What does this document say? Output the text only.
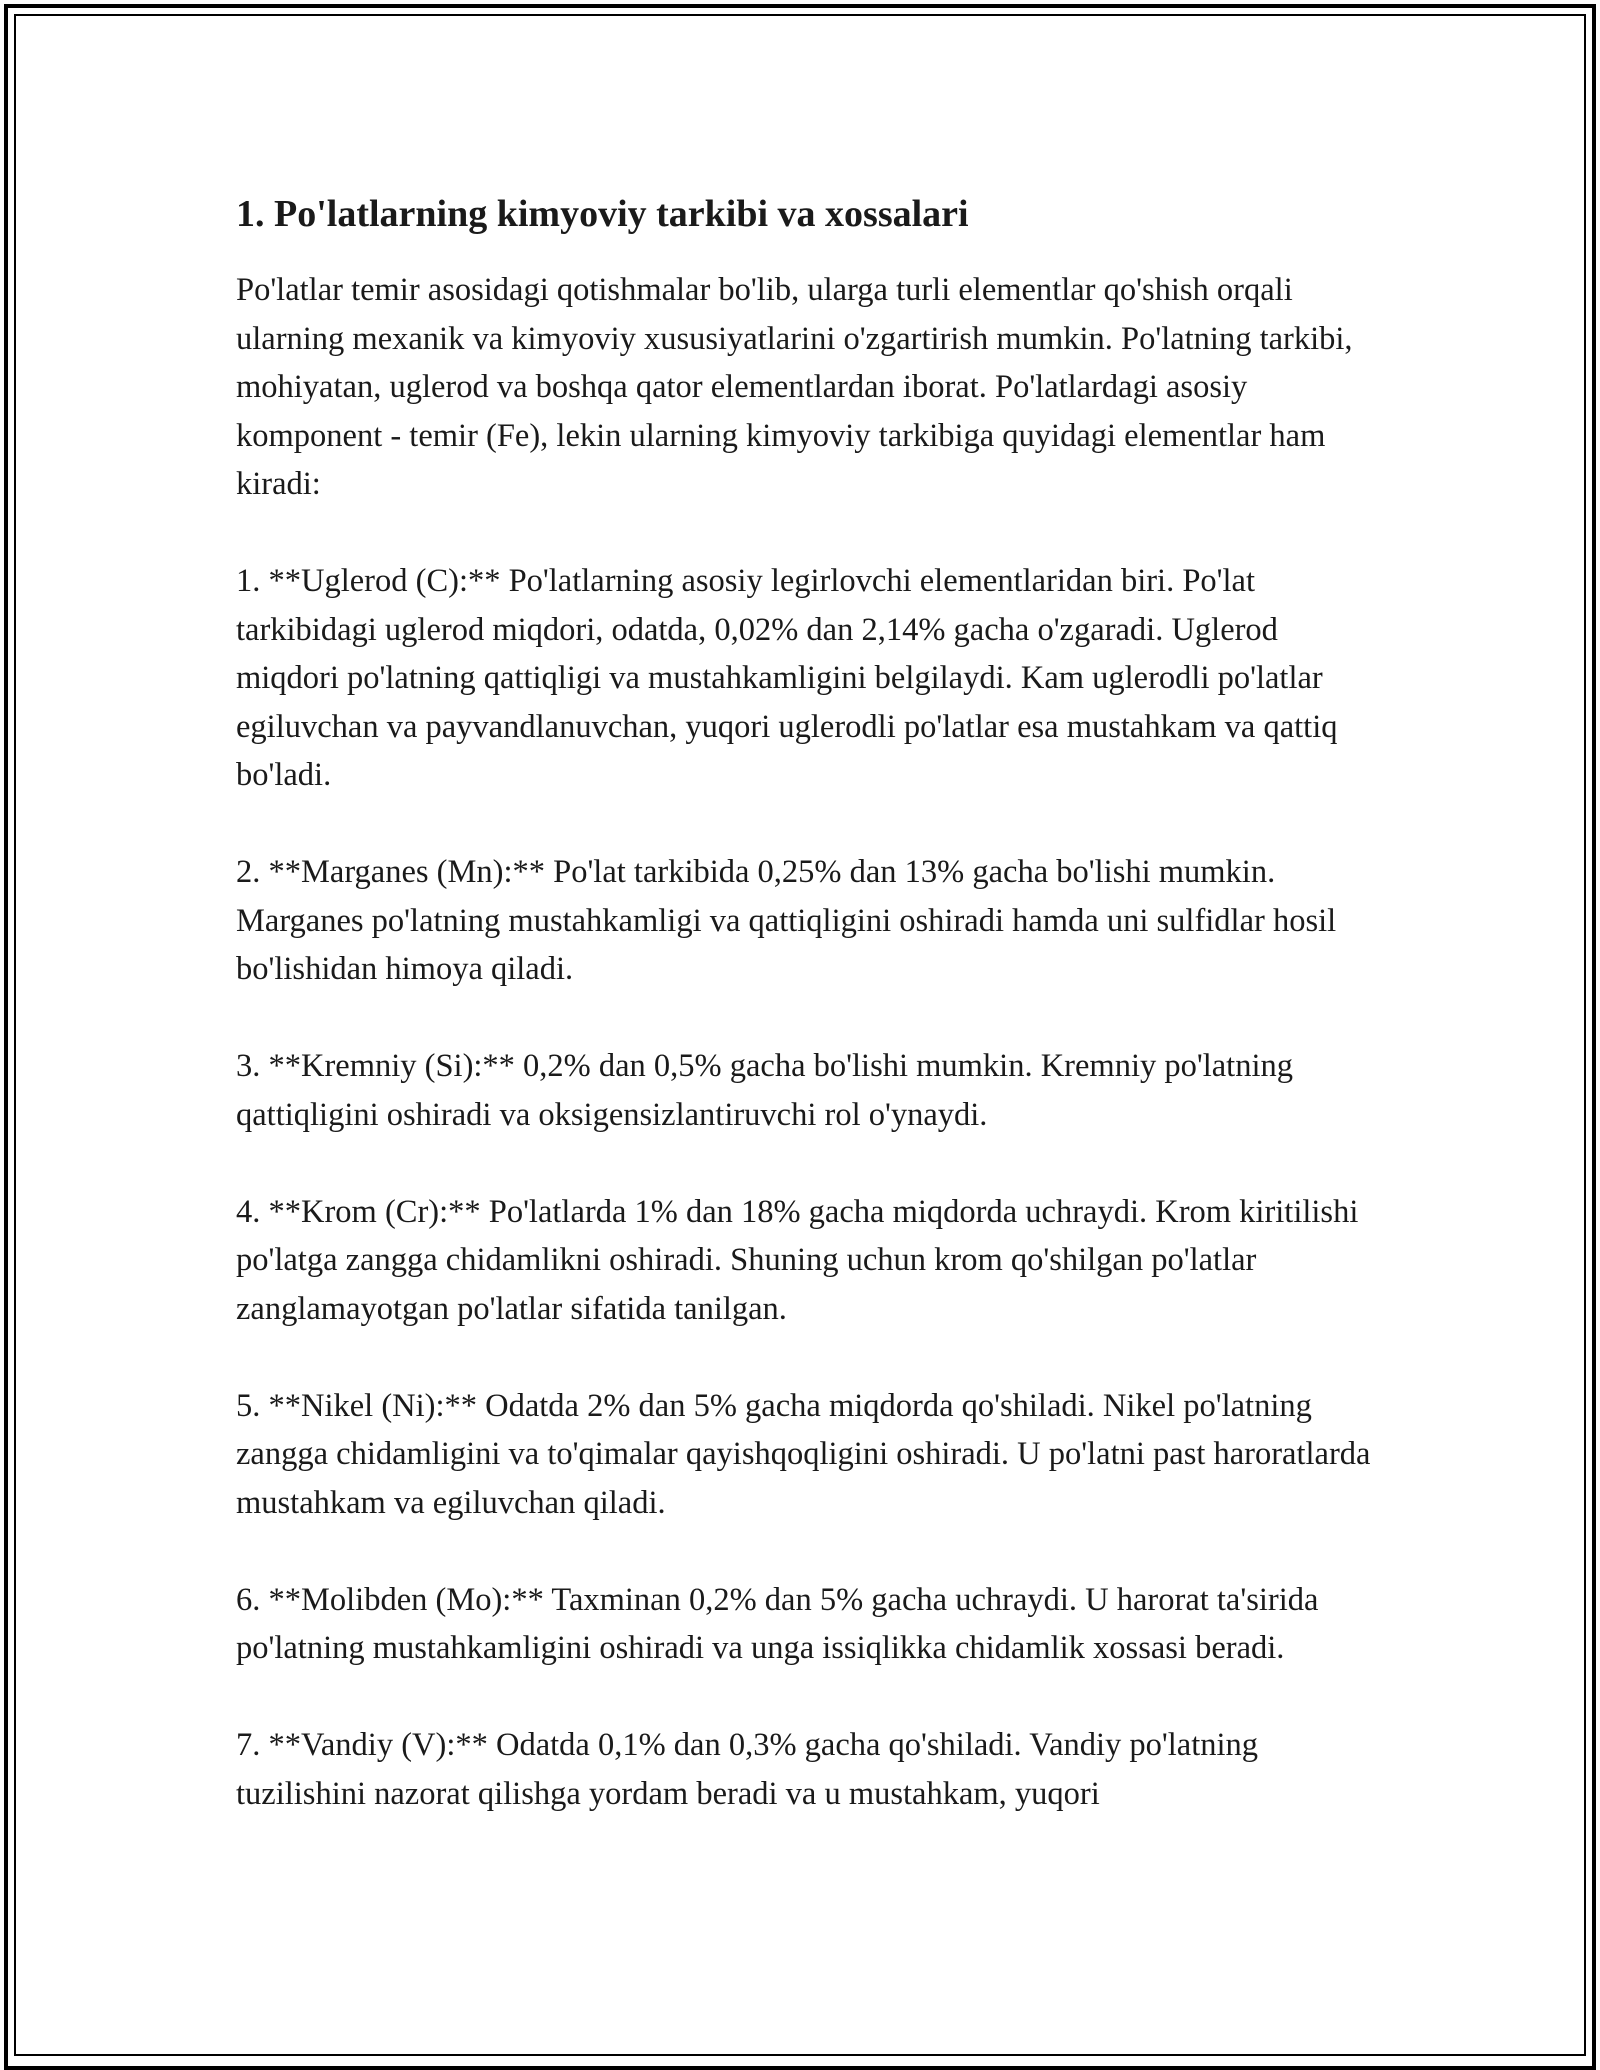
1. Po'latlarning kimyoviy tarkibi va xossalari

Po'latlar temir asosidagi qotishmalar bo'lib, ularga turli elementlar qo'shish orqali ularning mexanik va kimyoviy xususiyatlarini o'zgartirish mumkin. Po'latning tarkibi, mohiyatan, uglerod va boshqa qator elementlardan iborat. Po'latlardagi asosiy komponent - temir (Fe), lekin ularning kimyoviy tarkibiga quyidagi elementlar ham kiradi:

1. **Uglerod (C):** Po'latlarning asosiy legirlovchi elementlaridan biri. Po'lat tarkibidagi uglerod miqdori, odatda, 0,02% dan 2,14% gacha o'zgaradi. Uglerod miqdori po'latning qattiqligi va mustahkamligini belgilaydi. Kam uglerodli po'latlar egiluvchan va payvandlanuvchan, yuqori uglerodli po'latlar esa mustahkam va qattiq bo'ladi.

2. **Marganes (Mn):** Po'lat tarkibida 0,25% dan 13% gacha bo'lishi mumkin. Marganes po'latning mustahkamligi va qattiqligini oshiradi hamda uni sulfidlar hosil bo'lishidan himoya qiladi.

3. **Kremniy (Si):** 0,2% dan 0,5% gacha bo'lishi mumkin. Kremniy po'latning qattiqligini oshiradi va oksigensizlantiruvchi rol o'ynaydi.

4. **Krom (Cr):** Po'latlarda 1% dan 18% gacha miqdorda uchraydi. Krom kiritilishi po'latga zangga chidamlikni oshiradi. Shuning uchun krom qo'shilgan po'latlar zanglamayotgan po'latlar sifatida tanilgan.

5. **Nikel (Ni):** Odatda 2% dan 5% gacha miqdorda qo'shiladi. Nikel po'latning zangga chidamligini va to'qimalar qayishqoqligini oshiradi. U po'latni past haroratlarda mustahkam va egiluvchan qiladi.

6. **Molibden (Mo):** Taxminan 0,2% dan 5% gacha uchraydi. U harorat ta'sirida po'latning mustahkamligini oshiradi va unga issiqlikka chidamlik xossasi beradi.

7. **Vandiy (V):** Odatda 0,1% dan 0,3% gacha qo'shiladi. Vandiy po'latning tuzilishini nazorat qilishga yordam beradi va u mustahkam, yuqori
